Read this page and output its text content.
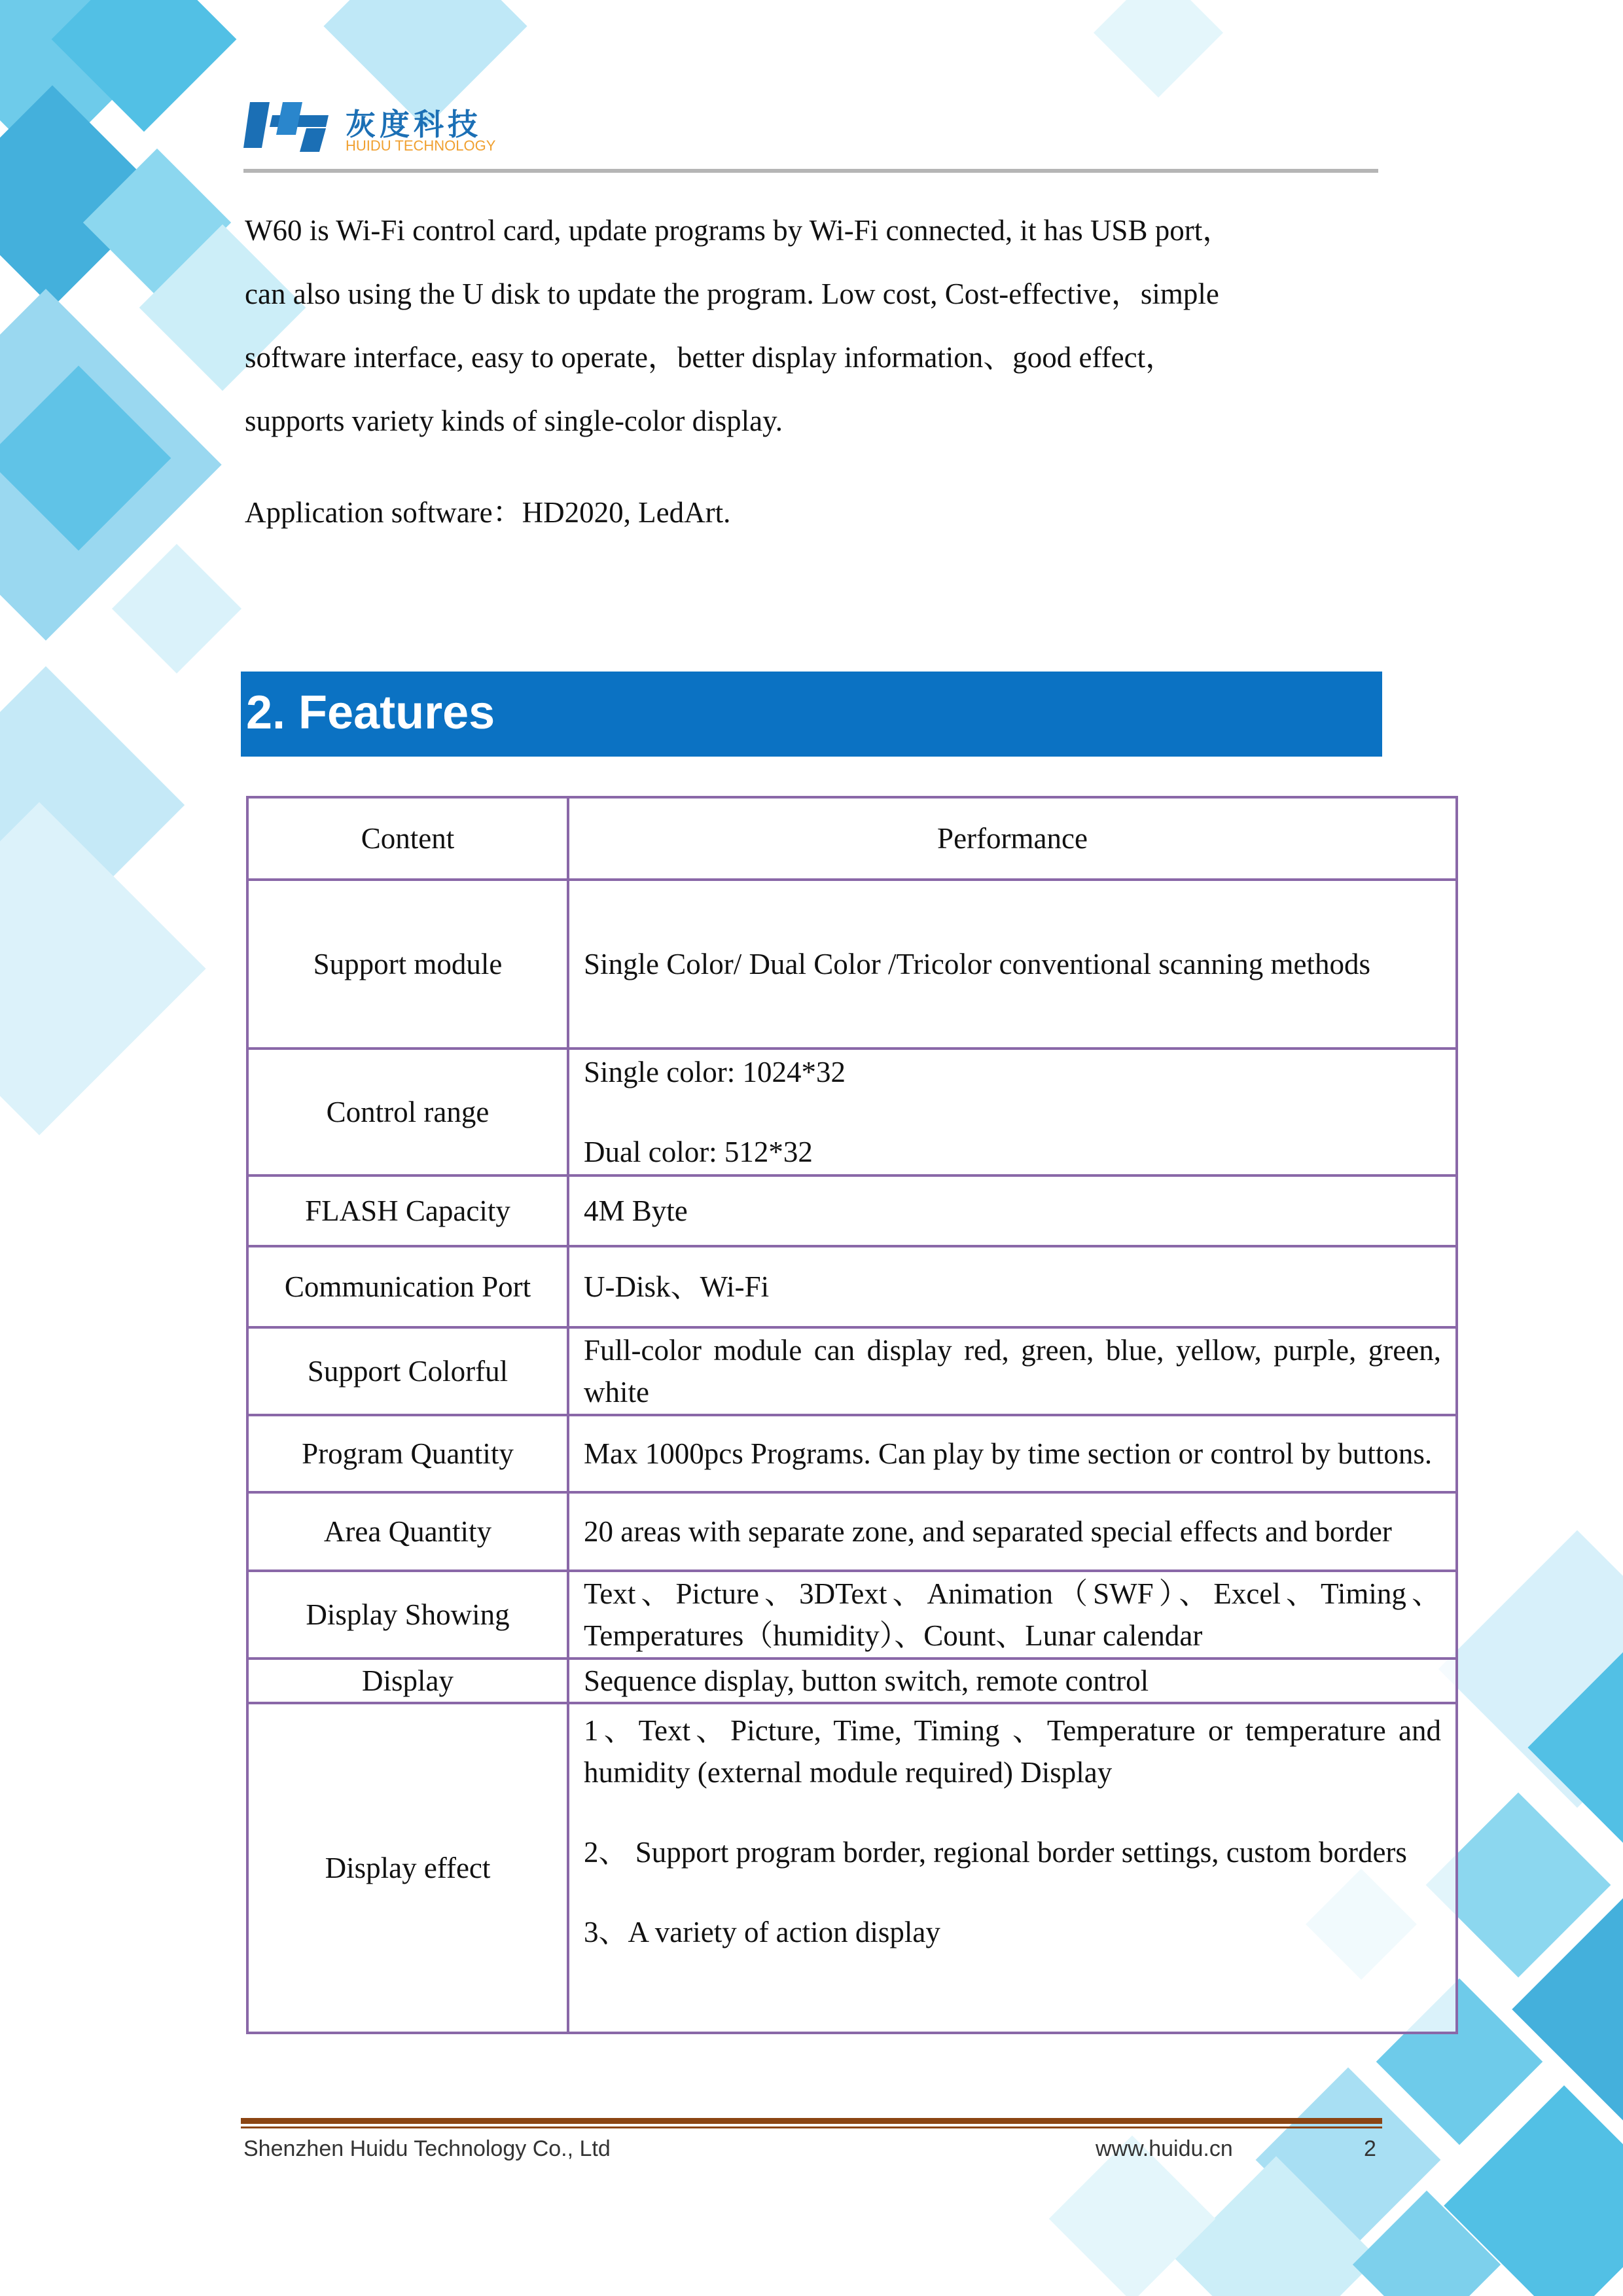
灰度科技
HUIDU TECHNOLOGY

W60 is Wi-Fi control card, update programs by Wi-Fi connected, it has USB port，

can also using the U disk to update the program. Low cost, Cost-effective，simple

software interface, easy to operate，better display information、good effect，

supports variety kinds of single-color display.

Application software：HD2020, LedArt.
2. Features
Content	Performance
Support module	Single Color/ Dual Color /Tricolor conventional scanning methods

Control range	Single color: 1024*32
Dual color: 512*32

FLASH Capacity	4M Byte
Communication Port	U-Disk、Wi-Fi
Support Colorful	Full-color module can display red, green, blue, yellow, purple, green, white
Program Quantity	Max 1000pcs Programs. Can play by time section or control by buttons.
Area Quantity	20 areas with separate zone, and separated special effects and border
Display Showing	Text、Picture、3DText、Animation（SWF）、Excel、Timing、Temperatures（humidity）、Count、Lunar calendar
Display	Sequence display, button switch, remote control
Display effect	1、Text、Picture, Time, Timing 、Temperature or temperature and humidity (external module required) Display
2、 Support program border, regional border settings, custom borders
3、A variety of action display
Shenzhen Huidu Technology Co., Ltd	www.huidu.cn	2
